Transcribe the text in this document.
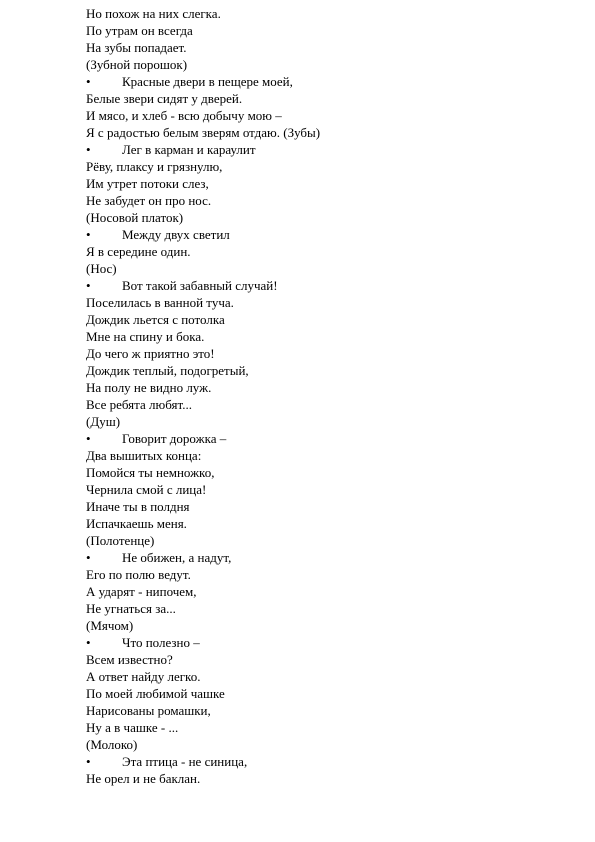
Но похож на них слегка.
По утрам он всегда
На зубы попадает.
(Зубной порошок)
• Красные двери в пещере моей,
Белые звери сидят у дверей.
И мясо, и хлеб - всю добычу мою –
Я с радостью белым зверям отдаю. (Зубы)
• Лег в карман и караулит
Рёву, плаксу и грязнулю,
Им утрет потоки слез,
Не забудет он про нос.
(Носовой платок)
• Между двух светил
Я в середине один.
(Нос)
• Вот такой забавный случай!
Поселилась в ванной туча.
Дождик льется с потолка
Мне на спину и бока.
До чего ж приятно это!
Дождик теплый, подогретый,
На полу не видно луж.
Все ребята любят...
(Душ)
• Говорит дорожка –
Два вышитых конца:
Помойся ты немножко,
Чернила смой с лица!
Иначе ты в полдня
Испачкаешь меня.
(Полотенце)
• Не обижен, а надут,
Его по полю ведут.
А ударят - нипочем,
Не угнаться за...
(Мячом)
• Что полезно –
Всем известно?
А ответ найду легко.
По моей любимой чашке
Нарисованы ромашки,
Ну а в чашке - ...
(Молоко)
• Эта птица - не синица,
Не орел и не баклан.
